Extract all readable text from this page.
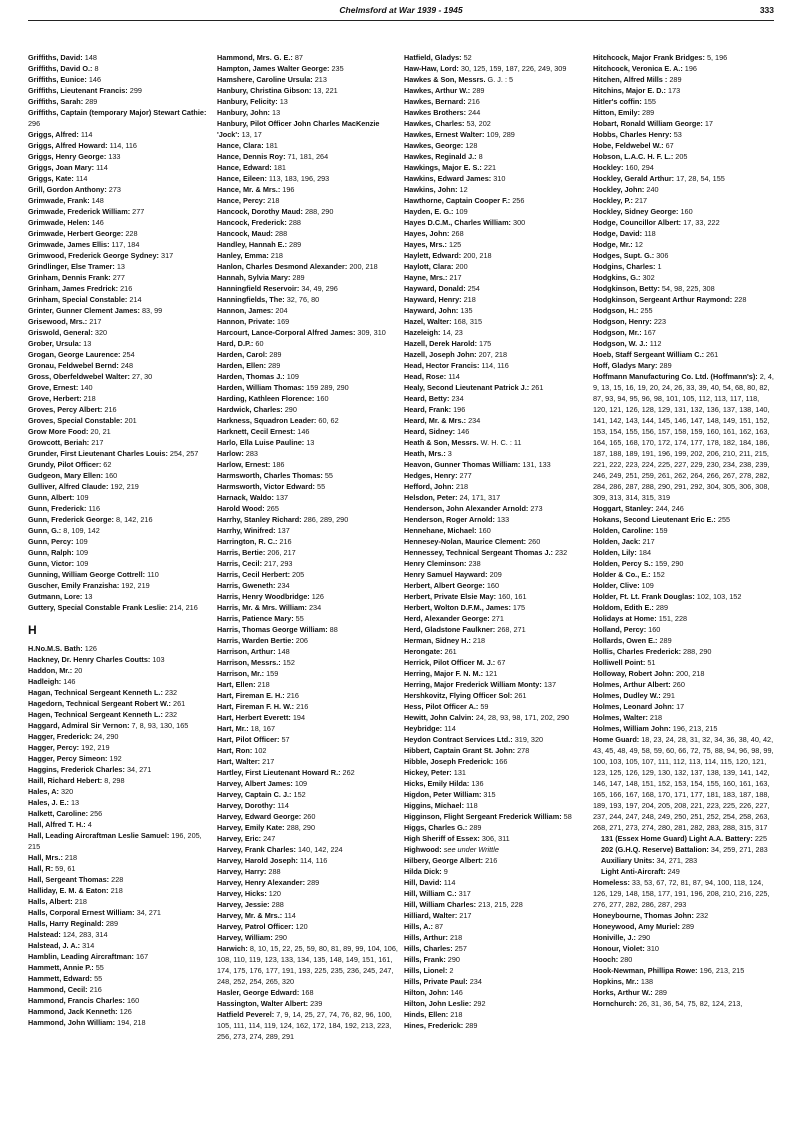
Chelmsford at War 1939 - 1945	333

Griffiths, David: 148

Griffiths, David O.: 8

Griffiths, Eunice: 146

Griffiths, Lieutenant Francis: 299

Griffiths, Sarah: 289

Griffiths, Captain (temporary Major) Stewart Cathie: 296

Griggs, Alfred: 114

Griggs, Alfred Howard: 114, 116

Griggs, Henry George: 133

Griggs, Joan Mary: 114

Griggs, Kate: 114

Grill, Gordon Anthony: 273

Grimwade, Frank: 148

Grimwade, Frederick William: 277

Grimwade, Helen: 146

Grimwade, Herbert George: 228

Grimwade, James Ellis: 117, 184

Grimwood, Frederick George Sydney: 317

Grindlinger, Else Tramer: 13

Grinham, Dennis Frank: 277

Grinham, James Fredrick: 216

Grinham, Special Constable: 214

Grinter, Gunner Clement James: 83, 99

Grisewood, Mrs.: 217

Griswold, General: 320

Grober, Ursula: 13

Grogan, George Laurence: 254

Gronau, Feldwebel Bernd: 248

Gross, Oberfeldwebel Walter: 27, 30

Grove, Ernest: 140

Grove, Herbert: 218

Groves, Percy Albert: 216

Groves, Special Constable: 201

Grow More Food: 20, 21

Growcott, Beriah: 217

Grunder, First Lieutenant Charles Louis: 254, 257

Grundy, Pilot Officer: 62

Gudgeon, Mary Ellen: 160

Gulliver, Alfred Claude: 192, 219

Gunn, Albert: 109

Gunn, Frederick: 116

Gunn, Frederick George: 8, 142, 216

Gunn, G.: 8, 109, 142

Gunn, Percy: 109

Gunn, Ralph: 109

Gunn, Victor: 109

Gunning, William George Cottrell: 110

Guscher, Emily Franzisha: 192, 219

Gutmann, Lore: 13

Guttery, Special Constable Frank Leslie: 214, 216

H

H.No.M.S. Bath: 126

Hackney, Dr. Henry Charles Coutts: 103

Haddon, Mr.: 20

Hadleigh: 146

Hagan, Technical Sergeant Kenneth L.: 232

Hagedorn, Technical Sergeant Robert W.: 261

Hagen, Technical Sergeant Kenneth L.: 232

Haggard, Admiral Sir Vernon: 7, 8, 93, 130, 165

Hagger, Frederick: 24, 290

Hagger, Percy: 192, 219

Hagger, Percy Simeon: 192

Haggins, Frederick Charles: 34, 271

Haill, Richard Hebert: 8, 298

Hales, A: 320

Hales, J. E.: 13

Halkett, Caroline: 256

Hall, Alfred T. H.: 4

Hall, Leading Aircraftman Leslie Samuel: 196, 205, 215

Hall, Mrs.: 218

Hall, R: 59, 61

Hall, Sergeant Thomas: 228

Halliday, E. M. & Eaton: 218

Halls, Albert: 218

Halls, Corporal Ernest William: 34, 271

Halls, Harry Reginald: 289

Halstead: 124, 283, 314

Halstead, J. A.: 314

Hamblin, Leading Aircraftman: 167

Hammett, Annie P.: 55

Hammett, Edward: 55

Hammond, Cecil: 216

Hammond, Francis Charles: 160

Hammond, Jack Kenneth: 126

Hammond, John William: 194, 218

Hammond, Mrs. G. E.: 87

Hampton, James Walter George: 235

Hamshere, Caroline Ursula: 213

Hanbury, Christina Gibson: 13, 221

Hanbury, Felicity: 13

Hanbury, John: 13

Hanbury, Pilot Officer John Charles MacKenzie 'Jock': 13, 17

Hance, Clara: 181

Hance, Dennis Roy: 71, 181, 264

Hance, Edward: 181

Hance, Eileen: 113, 183, 196, 293

Hance, Mr. & Mrs.: 196

Hance, Percy: 218

Hancock, Dorothy Maud: 288, 290

Hancock, Frederick: 288

Hancock, Maud: 288

Handley, Hannah E.: 289

Hanley, Emma: 218

Hanlon, Charles Desmond Alexander: 200, 218

Hannah, Sylvia Mary: 289

Hanningfield Reservoir: 34, 49, 296

Hanningfields, The: 32, 76, 80

Hannon, James: 204

Hannon, Private: 169

Harcourt, Lance-Corporal Alfred James: 309, 310

Hard, D.P.: 60

Harden, Carol: 289

Harden, Ellen: 289

Harden, Thomas J.: 109

Harden, William Thomas: 159 289, 290

Harding, Kathleen Florence: 160

Hardwick, Charles: 290

Harkness, Squadron Leader: 60, 62

Harknett, Cecil Ernest: 146

Harlo, Ella Luise Pauline: 13

Harlow: 283

Harlow, Ernest: 186

Harmsworth, Charles Thomas: 55

Harmsworth, Victor Edward: 55

Harnack, Waldo: 137

Harold Wood: 265

Harrhy, Stanley Richard: 286, 289, 290

Harrhy, Winifred: 137

Harrington, R. C.: 216

Harris, Bertie: 206, 217

Harris, Cecil: 217, 293

Harris, Cecil Herbert: 205

Harris, Gweneth: 234

Harris, Henry Woodbridge: 126

Harris, Mr. & Mrs. William: 234

Harris, Patience Mary: 55

Harris, Thomas George William: 88

Harris, Warden Bertie: 206

Harrison, Arthur: 148

Harrison, Messrs.: 152

Harrison, Mr.: 159

Hart, Ellen: 218

Hart, Fireman E. H.: 216

Hart, Fireman F. H. W.: 216

Hart, Herbert Everett: 194

Hart, Mr.: 18, 167

Hart, Pilot Officer: 57

Hart, Ron: 102

Hart, Walter: 217

Hartley, First Lieutenant Howard R.: 262

Harvey, Albert James: 109

Harvey, Captain C. J.: 152

Harvey, Dorothy: 114

Harvey, Edward George: 260

Harvey, Emily Kate: 288, 290

Harvey, Eric: 247

Harvey, Frank Charles: 140, 142, 224

Harvey, Harold Joseph: 114, 116

Harvey, Harry: 288

Harvey, Henry Alexander: 289

Harvey, Hicks: 120

Harvey, Jessie: 288

Harvey, Mr. & Mrs.: 114

Harvey, Patrol Officer: 120

Harvey, William: 290

Harwich: 8, 10, 15, 22, 25, 59, 80, 81, 89, 99, 104, 106, 108, 110, 119, 123, 133, 134, 135, 148, 149, 151, 161, 174, 175, 176, 177, 191, 193, 225, 235, 236, 245, 247, 248, 252, 254, 265, 320

Hasler, George Edward: 168

Hassington, Walter Albert: 239

Hatfield Peverel: 7, 9, 14, 25, 27, 74, 76, 82, 96, 100, 105, 111, 114, 119, 124, 162, 172, 184, 192, 213, 223, 256, 273, 274, 289, 291

Hatfield, Gladys: 52

Haw-Haw, Lord: 30, 125, 159, 187, 226, 249, 309

Hawkes & Son, Messrs. G. J. : 5

Hawkes, Arthur W.: 289

Hawkes, Bernard: 216

Hawkes Brothers: 244

Hawkes, Charles: 53, 202

Hawkes, Ernest Walter: 109, 289

Hawkes, George: 128

Hawkes, Reginald J.: 8

Hawkings, Major E. S.: 221

Hawkins, Edward James: 310

Hawkins, John: 12

Hawthorne, Captain Cooper F.: 256

Hayden, E. G.: 109

Hayes D.C.M., Charles William: 300

Hayes, John: 268

Hayes, Mrs.: 125

Haylett, Edward: 200, 218

Haylott, Clara: 200

Hayne, Mrs.: 217

Hayward, Donald: 254

Hayward, Henry: 218

Hayward, John: 135

Hazel, Walter: 168, 315

Hazeleigh: 14, 23

Hazell, Derek Harold: 175

Hazell, Joseph John: 207, 218

Head, Hector Francis: 114, 116

Head, Rose: 114

Healy, Second Lieutenant Patrick J.: 261

Heard, Betty: 234

Heard, Frank: 196

Heard, Mr. & Mrs.: 234

Heard, Sidney: 146

Heath & Son, Messrs. W. H. C. : 11

Heath, Mrs.: 3

Heavon, Gunner Thomas William: 131, 133

Hedges, Henry: 277

Hefford, John: 218

Helsdon, Peter: 24, 171, 317

Henderson, John Alexander Arnold: 273

Henderson, Roger Arnold: 133

Hennehane, Michael: 160

Hennesey-Nolan, Maurice Clement: 260

Hennessey, Technical Sergeant Thomas J.: 232

Henry Cleminson: 238

Henry Samuel Hayward: 209

Herbert, Albert George: 160

Herbert, Private Elsie May: 160, 161

Herbert, Wolton D.F.M., James: 175

Herd, Alexander George: 271

Herd, Gladstone Faulkner: 268, 271

Herman, Sidney H.: 218

Herongate: 261

Herrick, Pilot Officer M. J.: 67

Herring, Major F. N. M.: 121

Herring, Major Frederick William Monty: 137

Hershkovitz, Flying Officer Sol: 261

Hess, Pilot Officer A.: 59

Hewitt, John Calvin: 24, 28, 93, 98, 171, 202, 290

Heybridge: 114

Heydon Contract Services Ltd.: 319, 320

Hibbert, Captain Grant St. John: 278

Hibble, Joseph Frederick: 166

Hickey, Peter: 131

Hicks, Emily Hilda: 136

Higdon, Peter William: 315

Higgins, Michael: 118

Higginson, Flight Sergeant Frederick William: 58

Higgs, Charles G.: 289

High Sheriff of Essex: 306, 311

Highwood: see under Writtle

Hilbery, George Albert: 216

Hilda Dick: 9

Hill, David: 114

Hill, William C.: 317

Hill, William Charles: 213, 215, 228

Hilliard, Walter: 217

Hills, A.: 87

Hills, Arthur: 218

Hills, Charles: 257

Hills, Frank: 290

Hills, Lionel: 2

Hills, Private Paul: 234

Hilton, John: 146

Hilton, John Leslie: 292

Hinds, Ellen: 218

Hines, Frederick: 289

Hitchcock, Major Frank Bridges: 5, 196

Hitchcock, Veronica E. A.: 196

Hitchen, Alfred Mills : 289

Hitchins, Major E. D.: 173

Hitler's coffin: 155

Hitton, Emily: 289

Hobart, Ronald William George: 17

Hobbs, Charles Henry: 53

Hobe, Feldwebel W.: 67

Hobson, L.A.C. H. F. L.: 205

Hockley: 160, 294

Hockley, Gerald Arthur: 17, 28, 54, 155

Hockley, John: 240

Hockley, P.: 217

Hockley, Sidney George: 160

Hodge, Councillor Albert: 17, 33, 222

Hodge, David: 118

Hodge, Mr.: 12

Hodges, Supt. G.: 306

Hodgins, Charles: 1

Hodgkins, G.: 302

Hodgkinson, Betty: 54, 98, 225, 308

Hodgkinson, Sergeant Arthur Raymond: 228

Hodgson, H.: 255

Hodgson, Henry: 223

Hodgson, Mr.: 167

Hodgson, W. J.: 112

Hoeb, Staff Sergeant William C.: 261

Hoff, Gladys Mary: 289

Hoffmann Manufacturing Co. Ltd. (Hoffmann's): 2, 4, 9, 13, 15, 16, 19, 20, 24, 26, 33, 39, 40, 54, 68, 80, 82, 87, 93, 94, 95, 96, 98, 101, 105, 112, 113, 117, 118, 120, 121, 126, 128, 129, 131, 132, 136, 137, 138, 140, 141, 142, 143, 144, 145, 146, 147, 148, 149, 151, 152, 153, 154, 155, 156, 157, 158, 159, 160, 161, 162, 163, 164, 165, 168, 170, 172, 174, 177, 178, 182, 184, 186, 187, 188, 189, 191, 196, 199, 202, 206, 210, 211, 215, 221, 222, 223, 224, 225, 227, 229, 230, 234, 238, 239, 246, 249, 251, 259, 261, 262, 264, 266, 267, 278, 282, 284, 286, 287, 288, 290, 291, 292, 304, 305, 306, 308, 309, 313, 314, 315, 319

Hoggart, Stanley: 244, 246

Hokans, Second Lieutenant Eric E.: 255

Holden, Caroline: 159

Holden, Jack: 217

Holden, Lily: 184

Holden, Percy S.: 159, 290

Holder & Co., E.: 152

Holder, Clive: 109

Holder, Ft. Lt. Frank Douglas: 102, 103, 152

Holdom, Edith E.: 289

Holidays at Home: 151, 228

Holland, Percy: 160

Hollards, Owen E.: 289

Hollis, Charles Frederick: 288, 290

Holliwell Point: 51

Holloway, Robert John: 200, 218

Holmes, Arthur Albert: 260

Holmes, Dudley W.: 291

Holmes, Leonard John: 17

Holmes, Walter: 218

Holmes, William John: 196, 213, 215

Home Guard: 18, 23, 24, 28, 31, 32, 34, 36, 38, 40, 42, 43, 45, 48, 49, 58, 59, 60, 66, 72, 75, 88, 94, 96, 98, 99, 100, 103, 105, 107, 111, 112, 113, 114, 115, 120, 121, 123, 125, 126, 129, 130, 132, 137, 138, 139, 141, 142, 146, 147, 148, 151, 152, 153, 154, 155, 160, 161, 163, 165, 166, 167, 168, 170, 171, 177, 181, 183, 187, 188, 189, 193, 197, 204, 205, 208, 221, 223, 225, 226, 227, 237, 244, 247, 248, 249, 250, 251, 252, 254, 258, 263, 268, 271, 273, 274, 280, 281, 282, 283, 288, 315, 317

131 (Essex Home Guard) Light A.A. Battery: 225

202 (G.H.Q. Reserve) Battalion: 34, 259, 271, 283

Auxiliary Units: 34, 271, 283

Light Anti-Aircraft: 249

Homeless: 33, 53, 67, 72, 81, 87, 94, 100, 118, 124, 126, 129, 148, 158, 177, 191, 196, 208, 210, 216, 225, 276, 277, 282, 286, 287, 293

Honeybourne, Thomas John: 232

Honeywood, Amy Muriel: 289

Honiville, J.: 290

Honour, Violet: 310

Hooch: 280

Hook-Newman, Phillipa Rowe: 196, 213, 215

Hopkins, Mr.: 138

Horks, Arthur W.: 289

Hornchurch: 26, 31, 36, 54, 75, 82, 124, 213,
